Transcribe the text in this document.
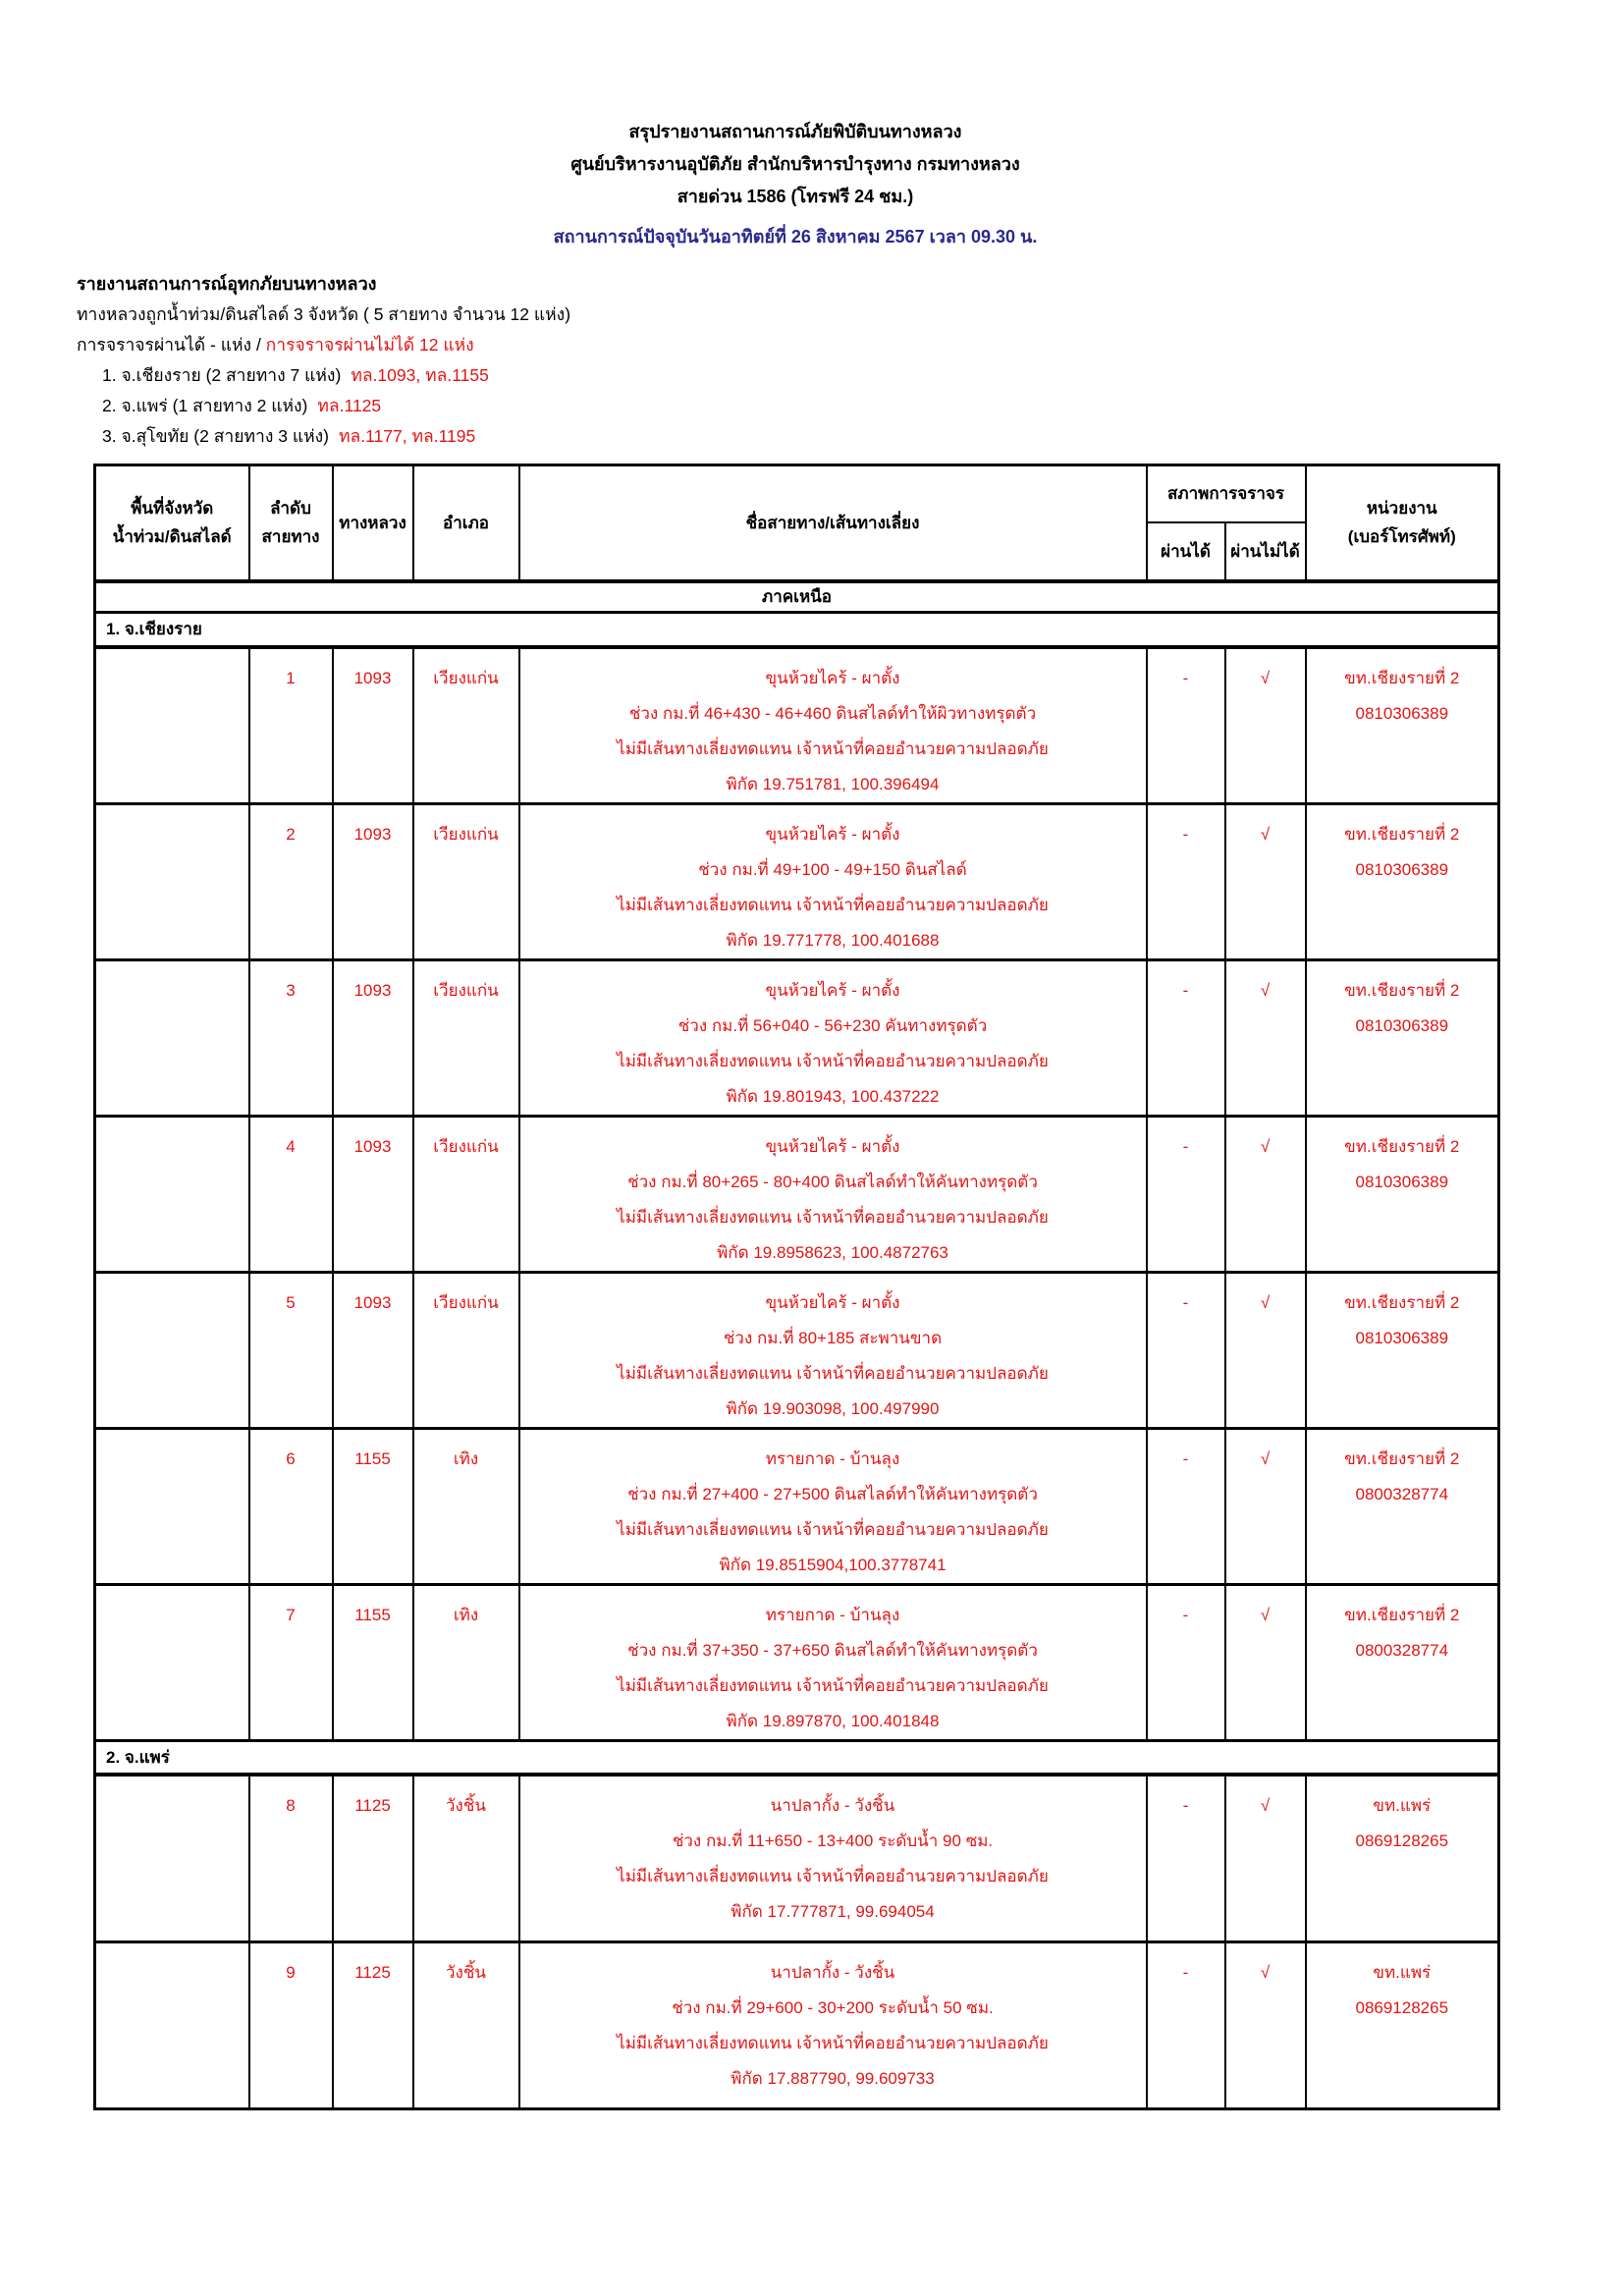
สรุปรายงานสถานการณ์ภัยพิบัติบนทางหลวง
ศูนย์บริหารงานอุบัติภัย สำนักบริหารบำรุงทาง กรมทางหลวง
สายด่วน 1586 (โทรฟรี 24 ชม.)
สถานการณ์ปัจจุบันวันอาทิตย์ที่ 26 สิงหาคม 2567 เวลา 09.30 น.
รายงานสถานการณ์อุทกภัยบนทางหลวง
ทางหลวงถูกน้ำท่วม/ดินสไลด์ 3 จังหวัด ( 5 สายทาง จำนวน 12 แห่ง)
การจราจรผ่านได้ - แห่ง / การจราจรผ่านไม่ได้ 12 แห่ง
1. จ.เชียงราย (2 สายทาง 7 แห่ง) ทล.1093, ทล.1155
2. จ.แพร่ (1 สายทาง 2 แห่ง) ทล.1125
3. จ.สุโขทัย (2 สายทาง 3 แห่ง) ทล.1177, ทล.1195
พื้นที่จังหวัด
น้ำท่วม/ดินสไลด์

ลำดับ
สายทาง
	ทางหลวง	อำเภอ	ชื่อสายทาง/เส้นทางเลี่ยง	สภาพการจราจร	
หน่วยงาน
(เบอร์โทรศัพท์)

					ผ่านได้	ผ่านไม่ได้	
ภาคเหนือ							
1. จ.เชียงราย							
	1	1093	เวียงแก่น	ขุนห้วยไคร้ - ผาตั้ง
ช่วง กม.ที่ 46+430 - 46+460 ดินสไลด์ทำให้ผิวทางทรุดตัว
ไม่มีเส้นทางเลี่ยงทดแทน เจ้าหน้าที่คอยอำนวยความปลอดภัย
พิกัด 19.751781, 100.396494
	-	√	ขท.เชียงรายที่ 2
0810306389

	2	1093	เวียงแก่น	ขุนห้วยไคร้ - ผาตั้ง
ช่วง กม.ที่ 49+100 - 49+150 ดินสไลด์
ไม่มีเส้นทางเลี่ยงทดแทน เจ้าหน้าที่คอยอำนวยความปลอดภัย
พิกัด 19.771778, 100.401688
	-	√	ขท.เชียงรายที่ 2
0810306389

	3	1093	เวียงแก่น	ขุนห้วยไคร้ - ผาตั้ง
ช่วง กม.ที่ 56+040 - 56+230 คันทางทรุดตัว
ไม่มีเส้นทางเลี่ยงทดแทน เจ้าหน้าที่คอยอำนวยความปลอดภัย
พิกัด 19.801943, 100.437222
	-	√	ขท.เชียงรายที่ 2
0810306389

	4	1093	เวียงแก่น	ขุนห้วยไคร้ - ผาตั้ง
ช่วง กม.ที่ 80+265 - 80+400 ดินสไลด์ทำให้คันทางทรุดตัว
ไม่มีเส้นทางเลี่ยงทดแทน เจ้าหน้าที่คอยอำนวยความปลอดภัย
พิกัด 19.8958623, 100.4872763
	-	√	ขท.เชียงรายที่ 2
0810306389

	5	1093	เวียงแก่น	ขุนห้วยไคร้ - ผาตั้ง
ช่วง กม.ที่ 80+185 สะพานขาด
ไม่มีเส้นทางเลี่ยงทดแทน เจ้าหน้าที่คอยอำนวยความปลอดภัย
พิกัด 19.903098, 100.497990
	-	√	ขท.เชียงรายที่ 2
0810306389

	6	1155	เทิง	ทรายกาด - บ้านลุง
ช่วง กม.ที่ 27+400 - 27+500 ดินสไลด์ทำให้คันทางทรุดตัว
ไม่มีเส้นทางเลี่ยงทดแทน เจ้าหน้าที่คอยอำนวยความปลอดภัย
พิกัด 19.8515904,100.3778741
	-	√	ขท.เชียงรายที่ 2
0800328774

	7	1155	เทิง	ทรายกาด - บ้านลุง
ช่วง กม.ที่ 37+350 - 37+650 ดินสไลด์ทำให้คันทางทรุดตัว
ไม่มีเส้นทางเลี่ยงทดแทน เจ้าหน้าที่คอยอำนวยความปลอดภัย
พิกัด 19.897870, 100.401848
	-	√	ขท.เชียงรายที่ 2
0800328774

2. จ.แพร่							
	8	1125	วังชิ้น	นาปลากั้ง - วังชิ้น
ช่วง กม.ที่ 11+650 - 13+400 ระดับน้ำ 90 ซม.
ไม่มีเส้นทางเลี่ยงทดแทน เจ้าหน้าที่คอยอำนวยความปลอดภัย
พิกัด 17.777871, 99.694054
	-	√	ขท.แพร่
0869128265

	9	1125	วังชิ้น	นาปลากั้ง - วังชิ้น
ช่วง กม.ที่ 29+600 - 30+200 ระดับน้ำ 50 ซม.
ไม่มีเส้นทางเลี่ยงทดแทน เจ้าหน้าที่คอยอำนวยความปลอดภัย
พิกัด 17.887790, 99.609733
	-	√	ขท.แพร่
0869128265
